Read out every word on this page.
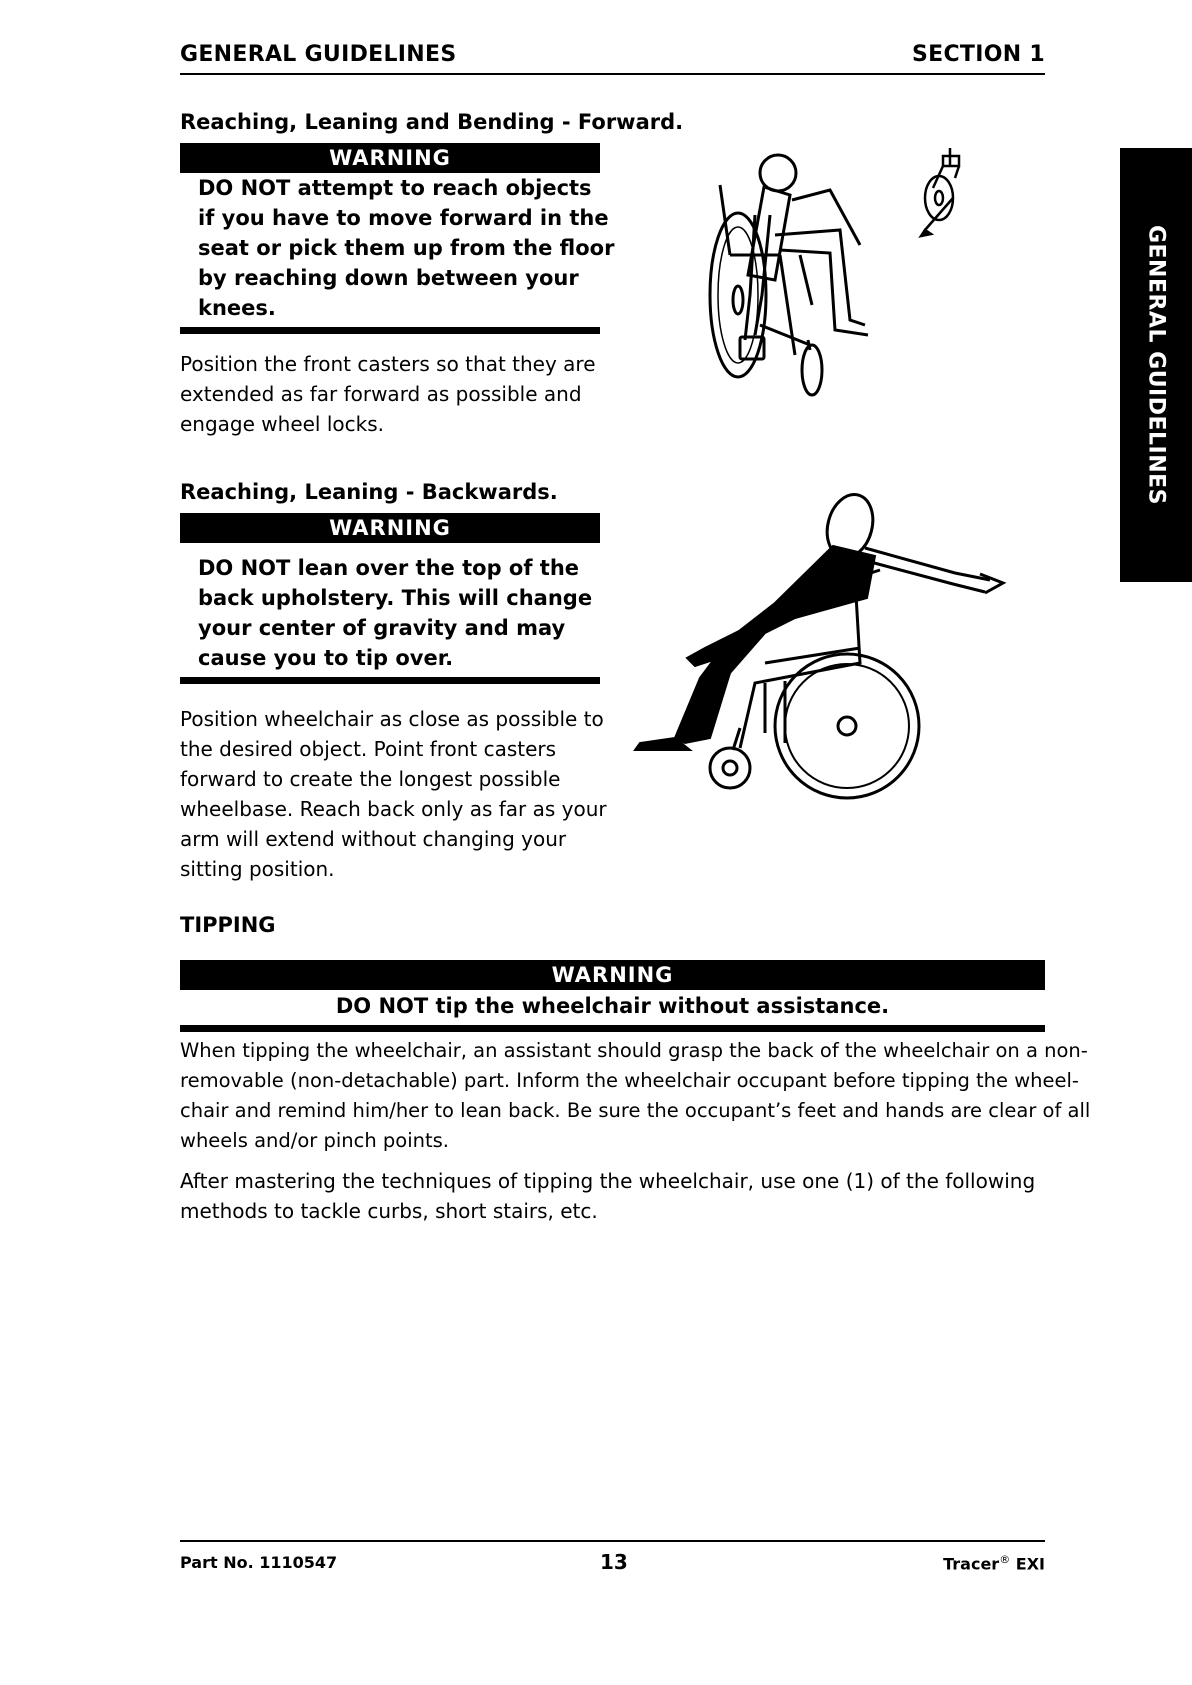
GENERAL GUIDELINES	SECTION 1
GENERAL GUIDELINES
Reaching, Leaning and Bending - Forward.
WARNING
DO NOT attempt to reach objects
if you have to move forward in the
seat or pick them up from the floor
by reaching down between your
knees.
Position the front casters so that they are
extended as far forward as possible and
engage wheel locks.
Reaching, Leaning - Backwards.
WARNING
DO NOT lean over the top of the
back upholstery. This will change
your center of gravity and may
cause you to tip over.
Position wheelchair as close as possible to
the desired object. Point front casters
forward to create the longest possible
wheelbase. Reach back only as far as your
arm will extend without changing your
sitting position.
TIPPING
WARNING
DO NOT tip the wheelchair without assistance.
When tipping the wheelchair, an assistant should grasp the back of the wheelchair on a non-
removable (non-detachable) part. Inform the wheelchair occupant before tipping the wheel-
chair and remind him/her to lean back. Be sure the occupant’s feet and hands are clear of all
wheels and/or pinch points.
After mastering the techniques of tipping the wheelchair, use one (1) of the following
methods to tackle curbs, short stairs, etc.
Part No. 1110547	13	Tracer® EXI
